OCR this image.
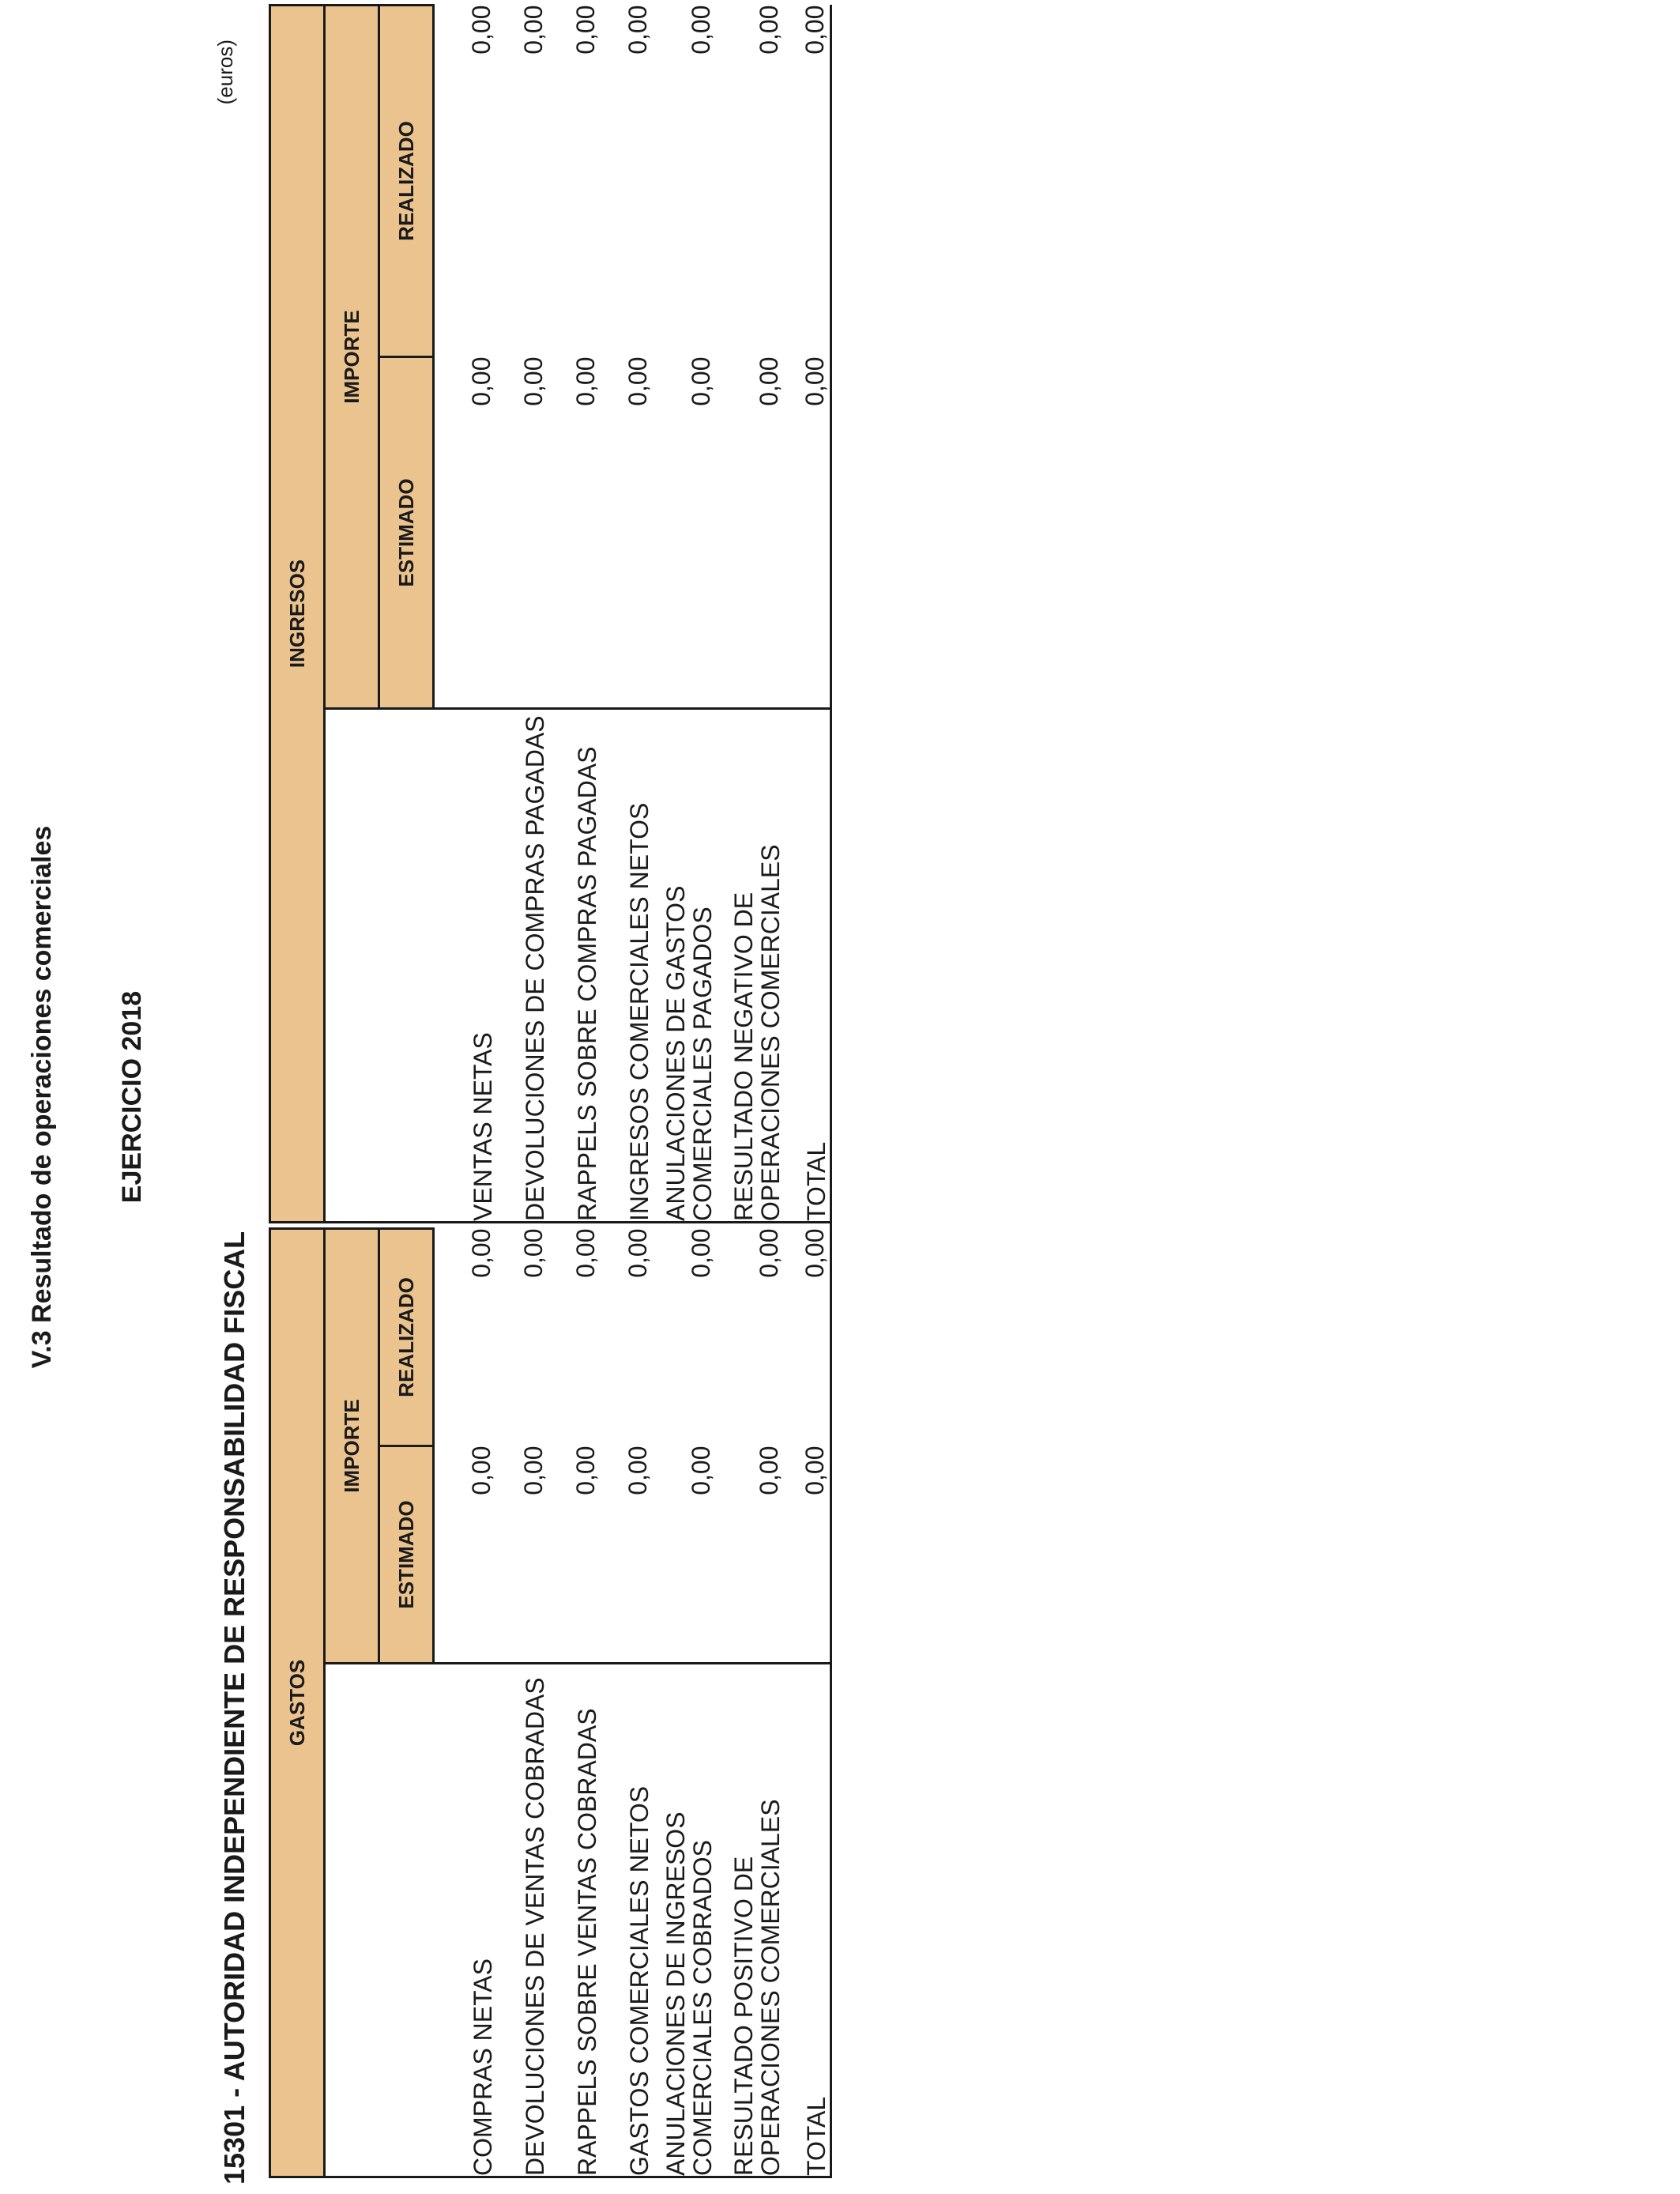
V.3 Resultado de operaciones comerciales EJERCICIO 2018
15301 - AUTORIDAD INDEPENDIENTE DE RESPONSABILIDAD FISCAL
(euros)
GASTOS				INGRESOS		
	IMPORTE				IMPORTE	
	ESTIMADO	REALIZADO			ESTIMADO	REALIZADO
COMPRAS NETAS	0,00	0,00		VENTAS NETAS	0,00	0,00
DEVOLUCIONES DE VENTAS COBRADAS	0,00	0,00		DEVOLUCIONES DE COMPRAS PAGADAS	0,00	0,00
RAPPELS SOBRE VENTAS COBRADAS	0,00	0,00		RAPPELS SOBRE COMPRAS PAGADAS	0,00	0,00
GASTOS COMERCIALES NETOS	0,00	0,00		INGRESOS COMERCIALES NETOS	0,00	0,00
ANULACIONES DE INGRESOS COMERCIALES COBRADOS	0,00	0,00		ANULACIONES DE GASTOS COMERCIALES PAGADOS	0,00	0,00
RESULTADO POSITIVO DE OPERACIONES COMERCIALES	0,00	0,00		RESULTADO NEGATIVO DE OPERACIONES COMERCIALES	0,00	0,00
TOTAL	0,00	0,00		TOTAL	0,00	0,00
